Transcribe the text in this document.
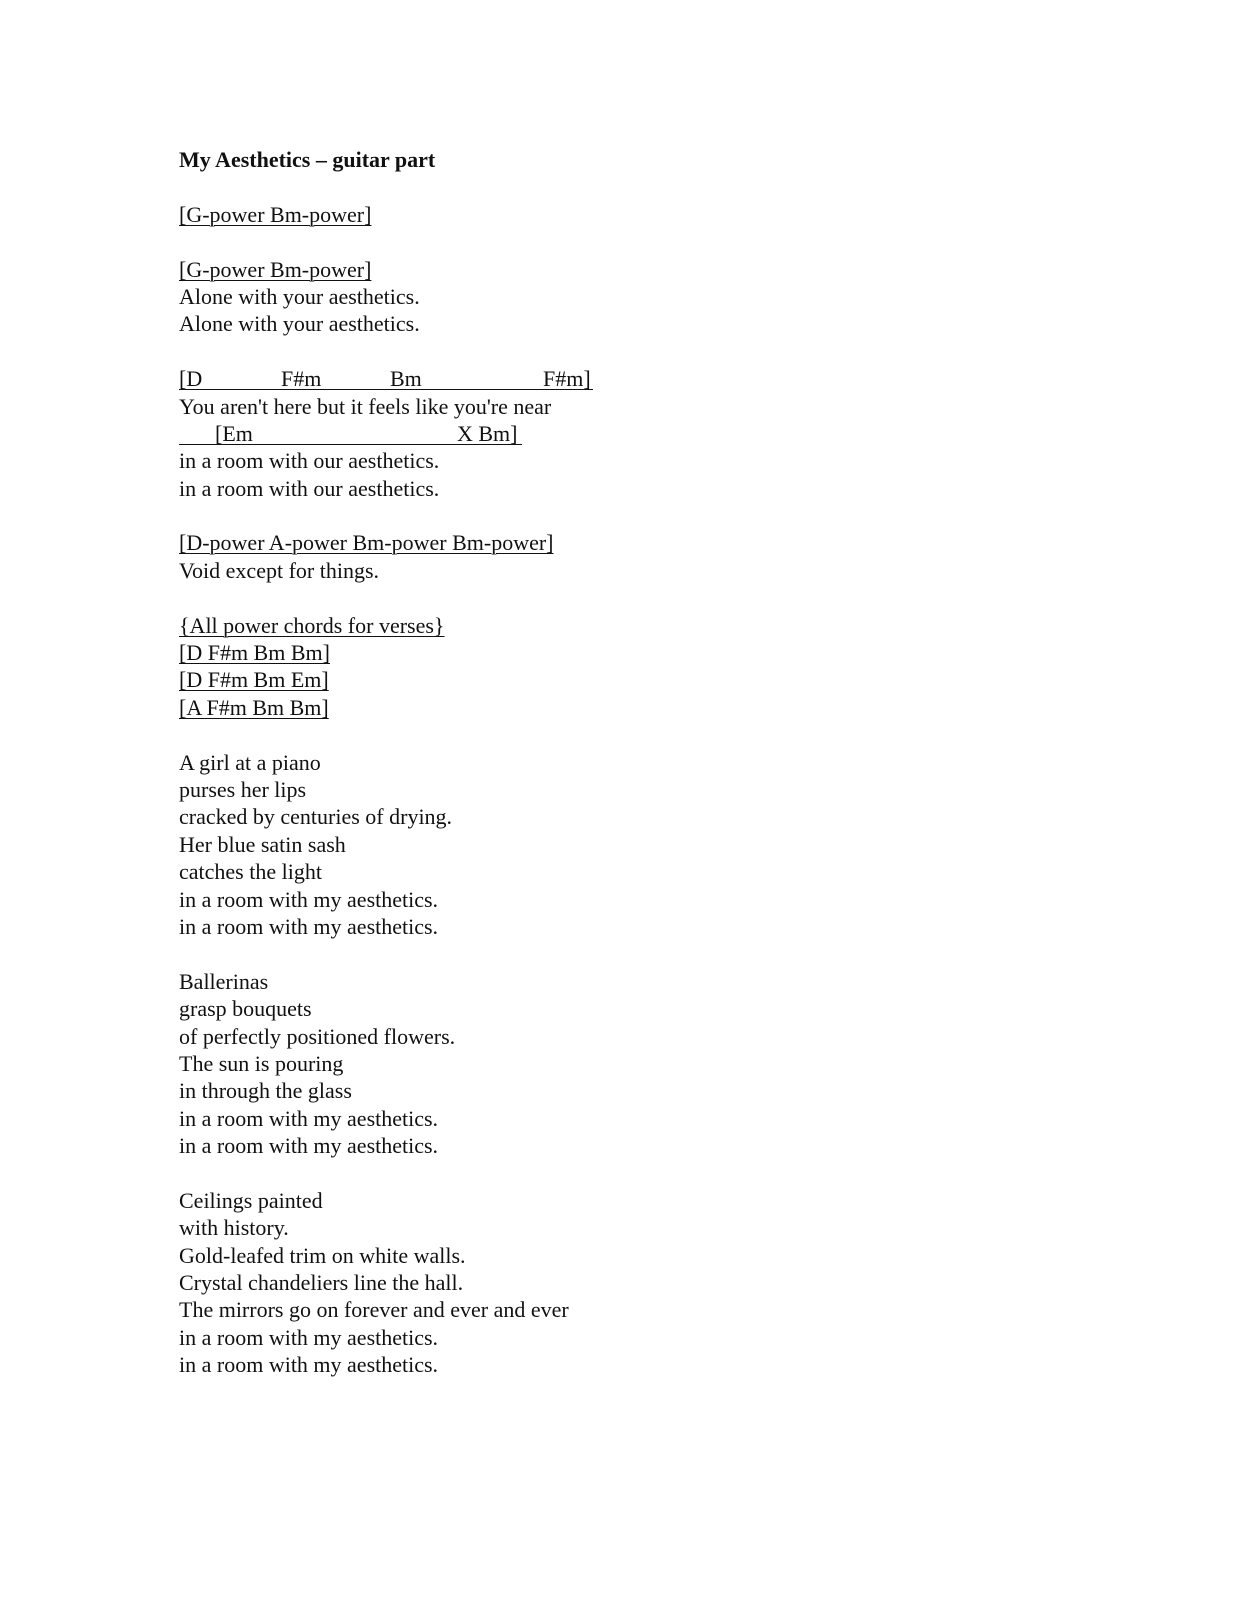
My Aesthetics – guitar part
[G-power Bm-power]
[G-power Bm-power]
Alone with your aesthetics.
Alone with your aesthetics.
[D	F#m	Bm	F#m]
You aren't here but it feels like you're near
[Em	X Bm]
in a room with our aesthetics.
in a room with our aesthetics.
[D-power A-power Bm-power Bm-power]
Void except for things.
{All power chords for verses}
[D F#m Bm Bm]
[D F#m Bm Em]
[A F#m Bm Bm]
A girl at a piano
purses her lips
cracked by centuries of drying.
Her blue satin sash
catches the light
in a room with my aesthetics.
in a room with my aesthetics.
Ballerinas
grasp bouquets
of perfectly positioned flowers.
The sun is pouring
in through the glass
in a room with my aesthetics.
in a room with my aesthetics.
Ceilings painted
with history.
Gold-leafed trim on white walls.
Crystal chandeliers line the hall.
The mirrors go on forever and ever and ever
in a room with my aesthetics.
in a room with my aesthetics.
